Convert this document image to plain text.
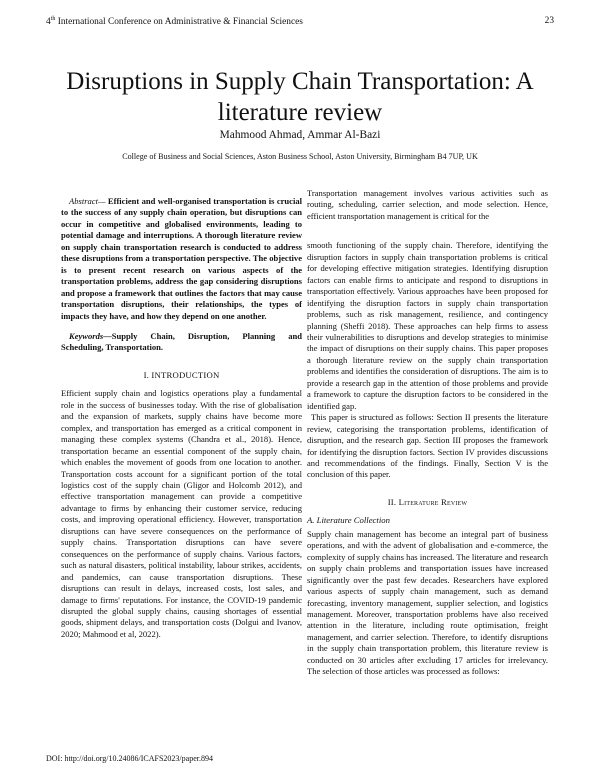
4th International Conference on Administrative & Financial Sciences	23
Disruptions in Supply Chain Transportation: A literature review
Mahmood Ahmad, Ammar Al-Bazi
College of Business and Social Sciences, Aston Business School, Aston University, Birmingham B4 7UP, UK

Abstract— Efficient and well-organised transportation is crucial to the success of any supply chain operation, but disruptions can occur in competitive and globalised environments, leading to potential damage and interruptions. A thorough literature review on supply chain transportation research is conducted to address these disruptions from a transportation perspective. The objective is to present recent research on various aspects of the transportation problems, address the gap considering disruptions and propose a framework that outlines the factors that may cause transportation disruptions, their relationships, the types of impacts they have, and how they depend on one another.

Keywords—Supply Chain, Disruption, Planning and Scheduling, Transportation.

I. INTRODUCTION

Efficient supply chain and logistics operations play a fundamental role in the success of businesses today. With the rise of globalisation and the expansion of markets, supply chains have become more complex, and transportation has emerged as a critical component in managing these complex systems (Chandra et al., 2018). Hence, transportation became an essential component of the supply chain, which enables the movement of goods from one location to another. Transportation costs account for a significant portion of the total logistics cost of the supply chain (Gligor and Holcomb 2012), and effective transportation management can provide a competitive advantage to firms by enhancing their customer service, reducing costs, and improving operational efficiency. However, transportation disruptions can have severe consequences on the performance of supply chains. Transportation disruptions can have severe consequences on the performance of supply chains. Various factors, such as natural disasters, political instability, labour strikes, accidents, and pandemics, can cause transportation disruptions. These disruptions can result in delays, increased costs, lost sales, and damage to firms' reputations. For instance, the COVID-19 pandemic disrupted the global supply chains, causing shortages of essential goods, shipment delays, and transportation costs (Dolgui and Ivanov, 2020; Mahmood et al, 2022).

Transportation management involves various activities such as routing, scheduling, carrier selection, and mode selection. Hence, efficient transportation management is critical for the

smooth functioning of the supply chain. Therefore, identifying the disruption factors in supply chain transportation problems is critical for developing effective mitigation strategies. Identifying disruption factors can enable firms to anticipate and respond to disruptions in transportation effectively. Various approaches have been proposed for identifying the disruption factors in supply chain transportation problems, such as risk management, resilience, and contingency planning (Sheffi 2018). These approaches can help firms to assess their vulnerabilities to disruptions and develop strategies to minimise the impact of disruptions on their supply chains. This paper proposes a thorough literature review on the supply chain transportation problems and identifies the consideration of disruptions. The aim is to provide a research gap in the attention of those problems and provide a framework to capture the disruption factors to be considered in the identified gap.

This paper is structured as follows: Section II presents the literature review, categorising the transportation problems, identification of disruption, and the research gap. Section III proposes the framework for identifying the disruption factors. Section IV provides discussions and recommendations of the findings. Finally, Section V is the conclusion of this paper.

II. Literature Review
A. Literature Collection

Supply chain management has become an integral part of business operations, and with the advent of globalisation and e-commerce, the complexity of supply chains has increased. The literature and research on supply chain problems and transportation issues have increased significantly over the past few decades. Researchers have explored various aspects of supply chain management, such as demand forecasting, inventory management, supplier selection, and logistics management. Moreover, transportation problems have also received attention in the literature, including route optimisation, freight management, and carrier selection. Therefore, to identify disruptions in the supply chain transportation problem, this literature review is conducted on 30 articles after excluding 17 articles for irrelevancy. The selection of those articles was processed as follows:

DOI: http://doi.org/10.24086/ICAFS2023/paper.894
